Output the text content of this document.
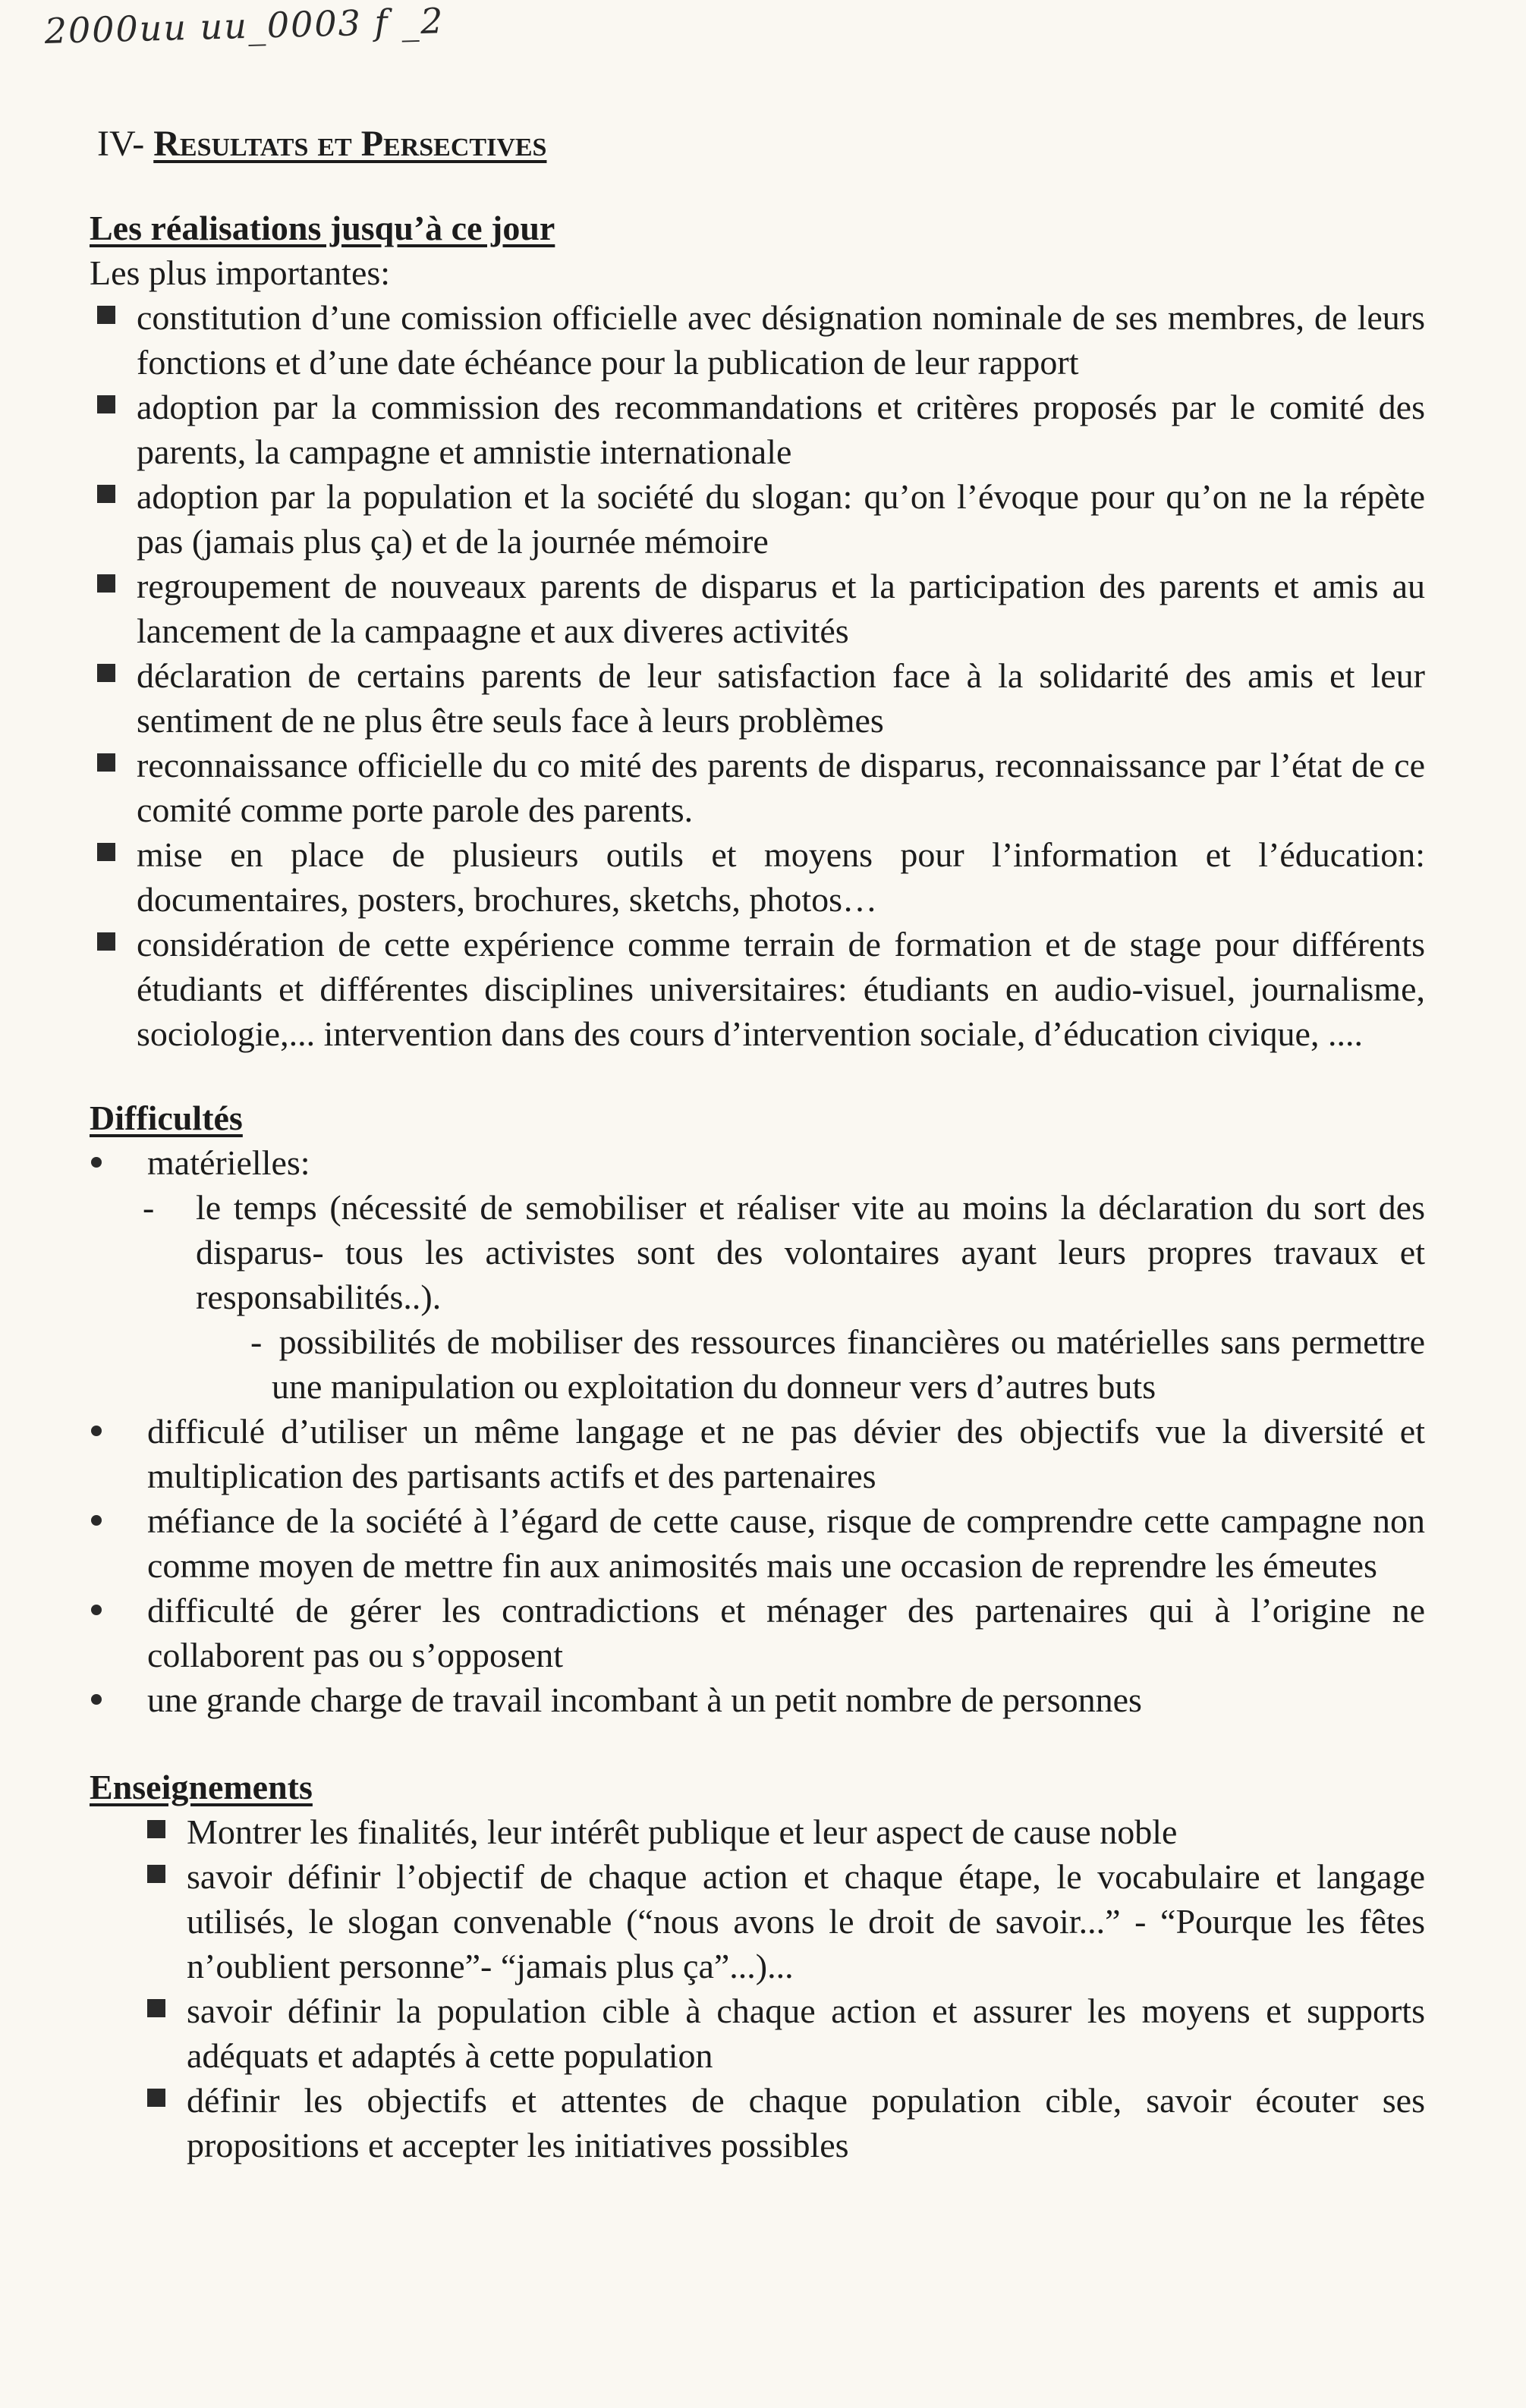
2000uu uu_0003 f _2
IV- Resultats et Persectives
Les réalisations jusqu’à ce jour

Les plus importantes:

constitution d’une comission officielle avec désignation nominale de ses membres, de leurs fonctions et d’une date échéance pour la publication de leur rapport
adoption par la commission des recommandations et critères proposés par le comité des parents, la campagne et amnistie internationale
adoption par la population et la société du slogan: qu’on l’évoque pour qu’on ne la répète pas (jamais plus ça) et de la journée mémoire
regroupement de nouveaux parents de disparus et la participation des parents et amis au lancement de la campaagne et aux diveres activités
déclaration de certains parents de leur satisfaction face à la solidarité des amis et leur sentiment de ne plus être seuls face à leurs problèmes
reconnaissance officielle du co mité des parents de disparus, reconnaissance par l’état de ce comité comme porte parole des parents.
mise en place de plusieurs outils et moyens pour l’information et l’éducation: documentaires, posters, brochures, sketchs, photos…
considération de cette expérience comme terrain de formation et de stage pour différents étudiants et différentes disciplines universitaires: étudiants en audio-visuel, journalisme, sociologie,... intervention dans des cours d’intervention sociale, d’éducation civique, ....
Difficultés
matérielles:
- le temps (nécessité de semobiliser et réaliser vite au moins la déclaration du sort des disparus- tous les activistes sont des volontaires ayant leurs propres travaux et responsabilités..).
- possibilités de mobiliser des ressources financières ou matérielles sans permettre une manipulation ou exploitation du donneur vers d’autres buts
difficulé d’utiliser un même langage et ne pas dévier des objectifs vue la diversité et multiplication des partisants actifs et des partenaires
méfiance de la société à l’égard de cette cause, risque de comprendre cette campagne non comme moyen de mettre fin aux animosités mais une occasion de reprendre les émeutes
difficulté de gérer les contradictions et ménager des partenaires qui à l’origine ne collaborent pas ou s’opposent
une grande charge de travail incombant à un petit nombre de personnes
Enseignements
Montrer les finalités, leur intérêt publique et leur aspect de cause noble
savoir définir l’objectif de chaque action et chaque étape, le vocabulaire et langage utilisés, le slogan convenable (“nous avons le droit de savoir...” - “Pourque les fêtes n’oublient personne”- “jamais plus ça”...)...
savoir définir la population cible à chaque action et assurer les moyens et supports adéquats et adaptés à cette population
définir les objectifs et attentes de chaque population cible, savoir écouter ses propositions et accepter les initiatives possibles
